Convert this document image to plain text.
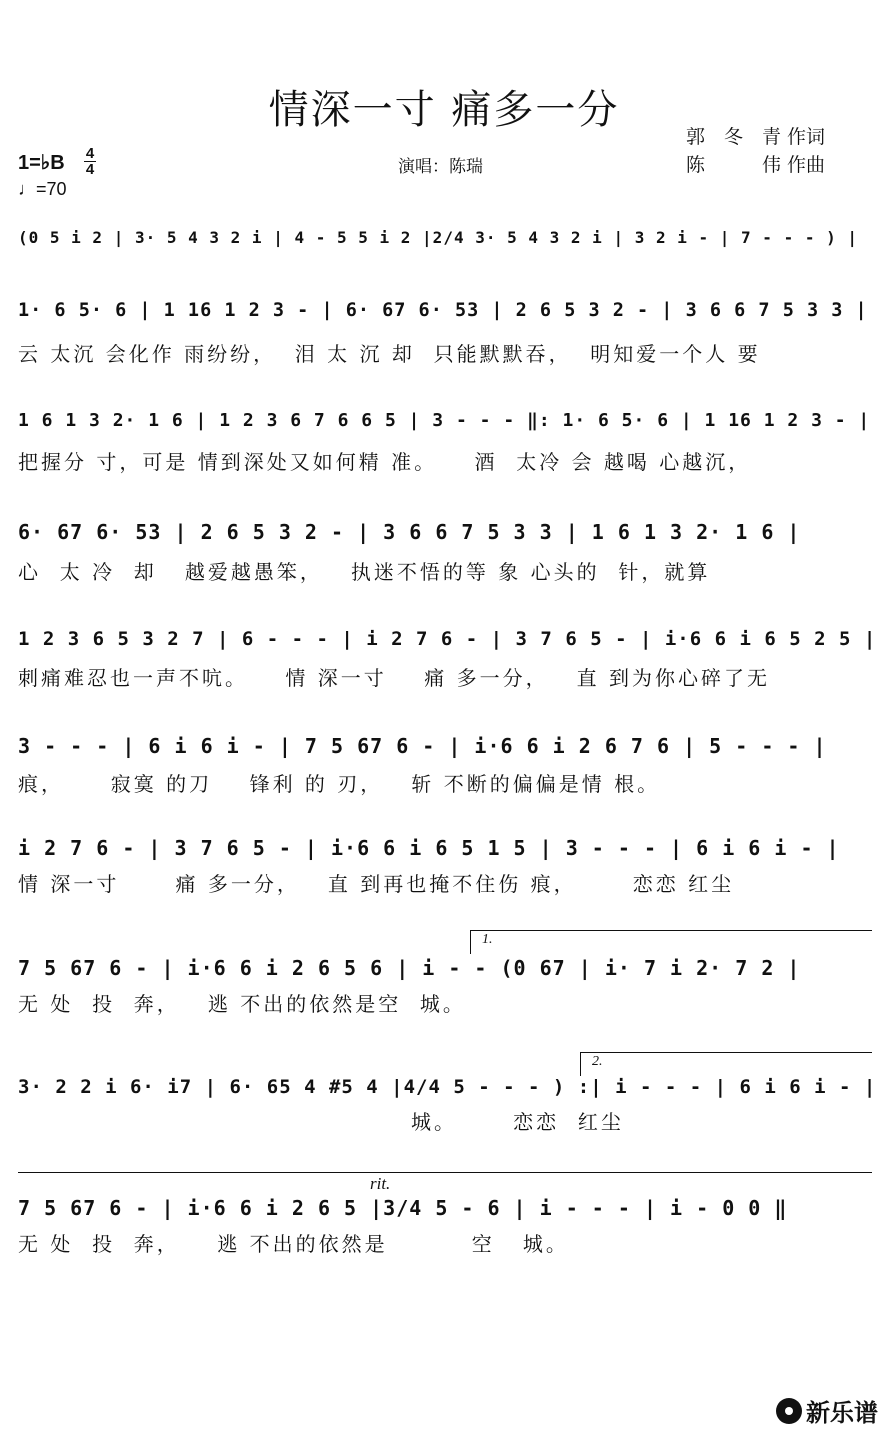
情深一寸 痛多一分
郭　冬　青 作词
陈　　　伟 作曲
1=♭B 4
4
♩=70
演唱：陈瑞
(0 5 i 2 | 3· 5 4 3 2 i | 4 - 5 5 i 2 |2/4 3· 5 4 3 2 i | 3 2 i - | 7 - - - ) |
1· 6 5· 6 | 1 16 1 2 3 - | 6· 67 6· 53 | 2 6 5 3 2 - | 3 6 6 7 5 3 3 |
云 太沉 会化作 雨纷纷，  泪 太 沉 却  只能默默吞，  明知爱一个人 要
1 6 1 3 2· 1 6 | 1 2 3 6 7 6 6 5 | 3 - - - ‖: 1· 6 5· 6 | 1 16 1 2 3 - |
把握分 寸，可是 情到深处又如何精 准。    酒  太冷 会 越喝 心越沉，
6· 67 6· 53 | 2 6 5 3 2 - | 3 6 6 7 5 3 3 | 1 6 1 3 2· 1 6 |
心  太 冷  却   越爱越愚笨，   执迷不悟的等 象 心头的  针，就算
1 2 3 6 5 3 2 7 | 6 - - - | i 2 7 6 - | 3 7 6 5 - | i·6 6 i 6 5 2 5 |
刺痛难忍也一声不吭。    情 深一寸    痛 多一分，   直 到为你心碎了无
3 - - - | 6 i 6 i - | 7 5 67 6 - | i·6 6 i 2 6 7 6 | 5 - - - |
痕，     寂寞 的刀    锋利 的 刃，   斩 不断的偏偏是情 根。
i 2 7 6 - | 3 7 6 5 - | i·6 6 i 6 5 1 5 | 3 - - - | 6 i 6 i - |
情 深一寸      痛 多一分，   直 到再也掩不住伤 痕，      恋恋 红尘
1.
7 5 67 6 - | i·6 6 i 2 6 5 6 | i - - (0 67 | i· 7 i 2· 7 2 |
无 处  投  奔，   逃 不出的依然是空  城。
2.
3· 2 2 i 6· i7 | 6· 65 4 #5 4 |4/4 5 - - - ) :| i - - - | 6 i 6 i - |
城。      恋恋  红尘
rit.
7 5 67 6 - | i·6 6 i 2 6 5 |3/4 5 - 6 | i - - - | i - 0 0 ‖
无 处  投  奔，    逃 不出的依然是         空   城。
新乐谱
